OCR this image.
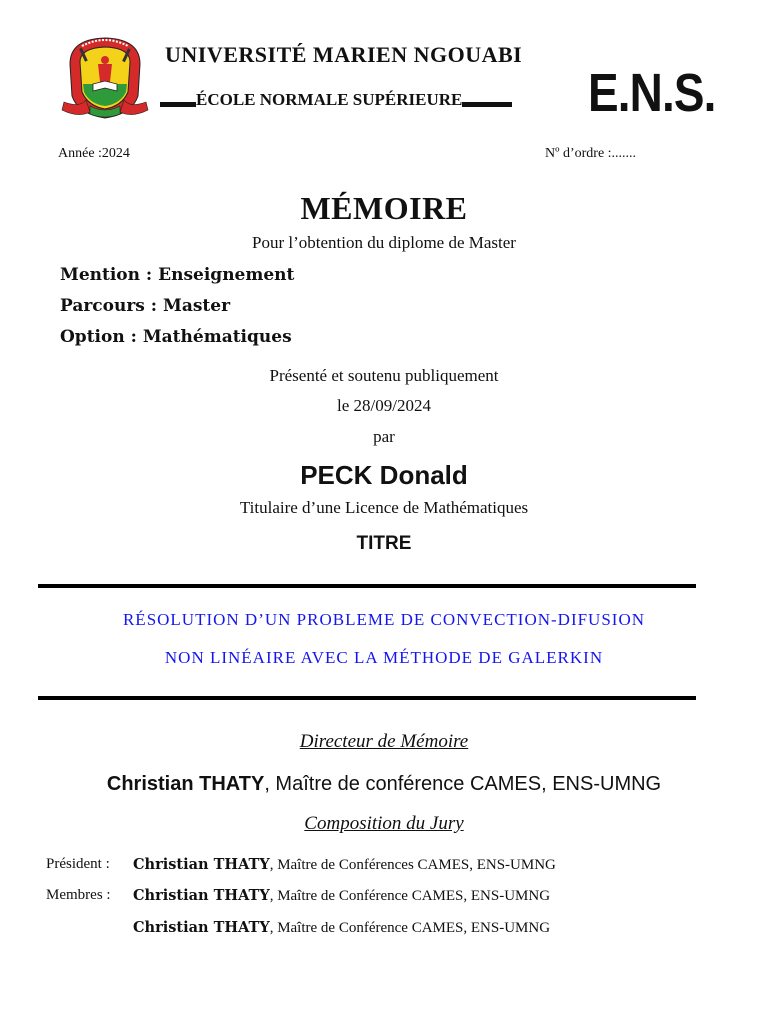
UNIVERSITÉ MARIEN NGOUABI
ÉCOLE NORMALE SUPÉRIEURE E.N.S.
Année :2024	Nº d’ordre :.......
MÉMOIRE
Pour l’obtention du diplome de Master
Mention : Enseignement
Parcours : Master
Option : Mathématiques
Présenté et soutenu publiquement
le 28/09/2024
par
PECK Donald
Titulaire d’une Licence de Mathématiques
TITRE
RÉSOLUTION D’UN PROBLEME DE CONVECTION-DIFUSION
NON LINÉAIRE AVEC LA MÉTHODE DE GALERKIN
Directeur de Mémoire
Christian THATY, Maître de conférence CAMES, ENS-UMNG
Composition du Jury
Président : Christian THATY, Maître de Conférences CAMES, ENS-UMNG
Membres : Christian THATY, Maître de Conférence CAMES, ENS-UMNG
Christian THATY, Maître de Conférence CAMES, ENS-UMNG
